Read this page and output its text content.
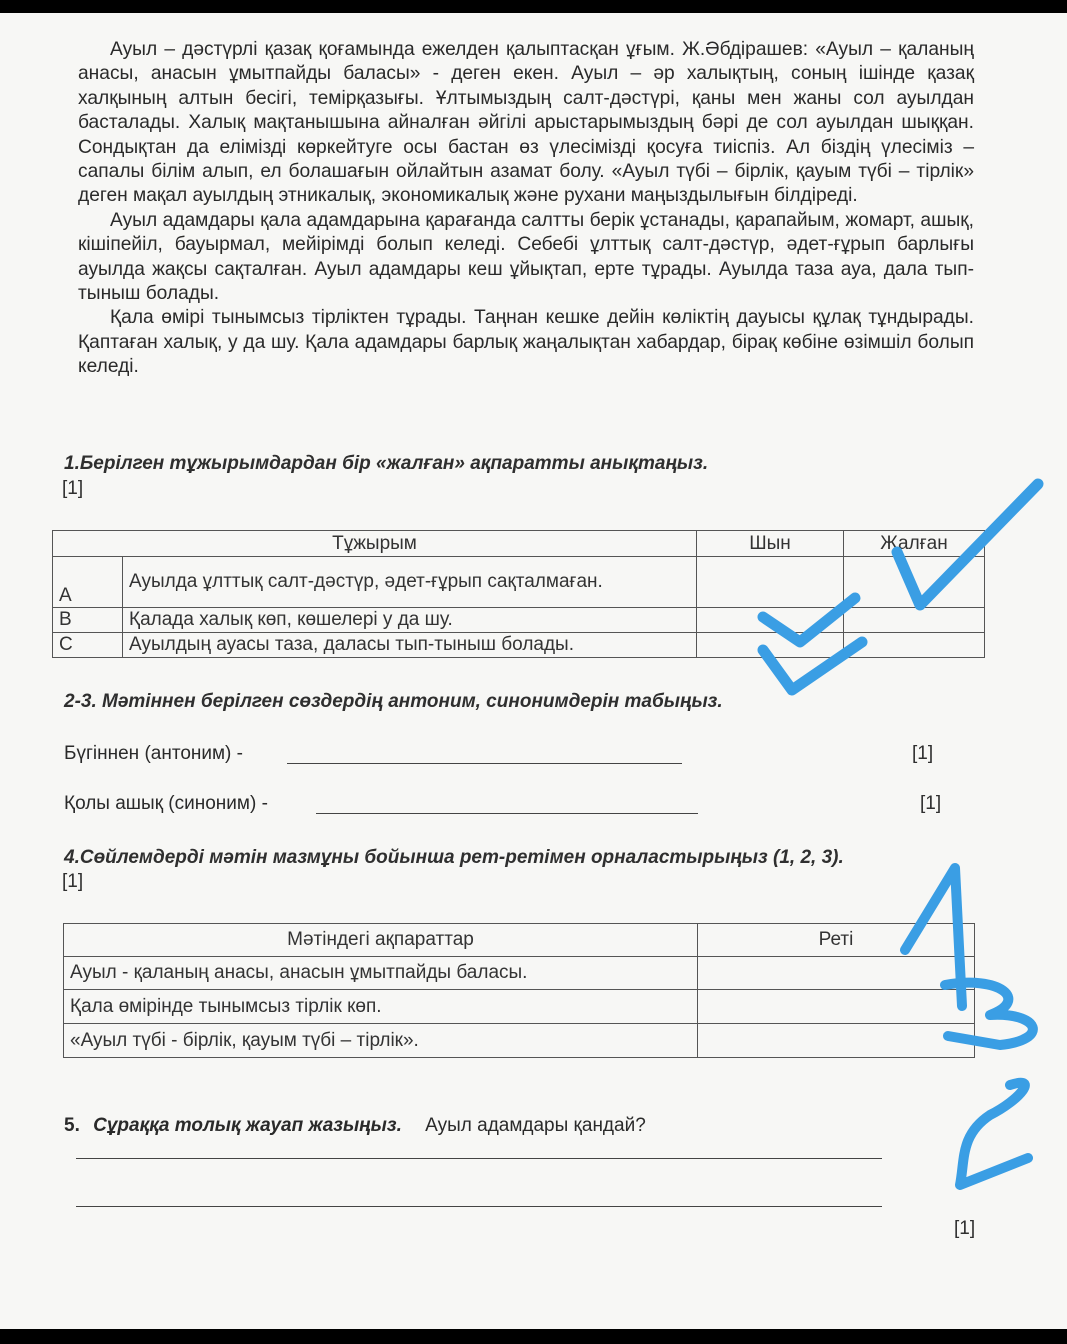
Ауыл – дәстүрлі қазақ қоғамында ежелден қалыптасқан ұғым. Ж.Әбдірашев: «Ауыл – қаланың анасы, анасын ұмытпайды баласы» - деген екен. Ауыл – әр халықтың, соның ішінде қазақ халқының алтын бесігі, темірқазығы. Ұлтымыздың салт-дәстүрі, қаны мен жаны сол ауылдан басталады. Халық мақтанышына айналған әйгілі арыстарымыздың бәрі де сол ауылдан шыққан. Сондықтан да елімізді көркейтуге осы бастан өз үлесімізді қосуға тиіспіз. Ал біздің үлесіміз – сапалы білім алып, ел болашағын ойлайтын азамат болу. «Ауыл түбі – бірлік, қауым түбі – тірлік» деген мақал ауылдың этникалық, экономикалық және рухани маңыздылығын білдіреді.

Ауыл адамдары қала адамдарына қарағанда салтты берік ұстанады, қарапайым, жомарт, ашық, кішіпейіл, бауырмал, мейірімді болып келеді. Себебі ұлттық салт-дәстүр, әдет-ғұрып барлығы ауылда жақсы сақталған. Ауыл адамдары кеш ұйықтап, ерте тұрады. Ауылда таза ауа, дала тып-тыныш болады.

Қала өмірі тынымсыз тірліктен тұрады. Таңнан кешке дейін көліктің дауысы құлақ тұндырады. Қаптаған халық, у да шу. Қала адамдары барлық жаңалықтан хабардар, бірақ көбіне өзімшіл болып келеді.

1.Берілген тұжырымдардан бір «жалған» ақпаратты анықтаңыз.
[1]
Тұжырым		Шын	Жалған
A	Ауылда ұлттық салт-дәстүр, әдет-ғұрып сақталмаған.		
B	Қалада халық көп, көшелері у да шу.		
C	Ауылдың ауасы таза, даласы тып-тыныш болады.		
2-3. Мәтіннен берілген сөздердің антоним, синонимдерін табыңыз.
Бүгіннен (антоним) -	[1]
Қолы ашық (синоним) -	[1]
4.Сөйлемдерді мәтін мазмұны бойынша рет-ретімен орналастырыңыз (1, 2, 3).
[1]
Мәтіндегі ақпараттар	Реті
Ауыл - қаланың анасы, анасын ұмытпайды баласы.	
Қала өмірінде тынымсыз тірлік көп.	
«Ауыл түбі - бірлік, қауым түбі – тірлік».	
5. Сұраққа толық жауап жазыңыз. Ауыл адамдары қандай?
[1]
